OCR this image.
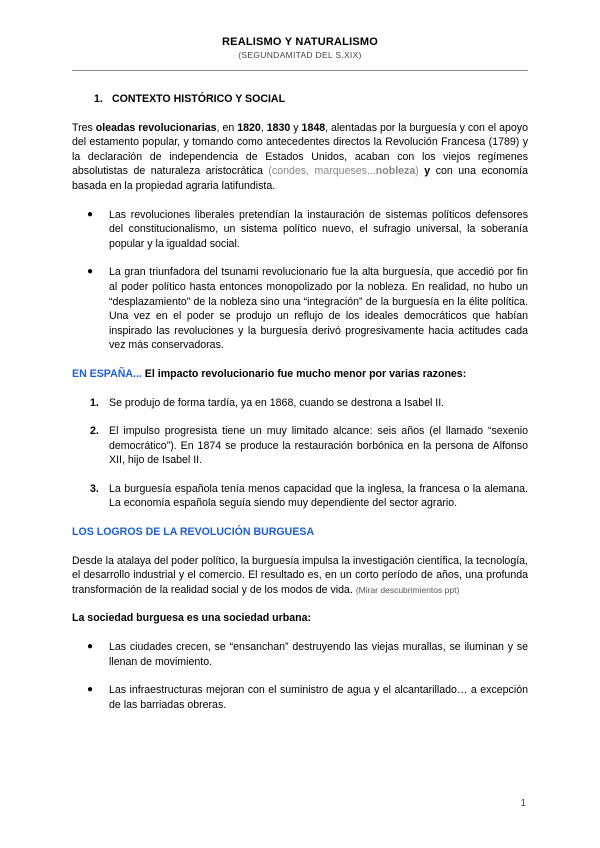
REALISMO Y NATURALISMO
(SEGUNDAMITAD DEL S.XIX)
1. CONTEXTO HISTÓRICO Y SOCIAL

Tres oleadas revolucionarias, en 1820, 1830 y 1848, alentadas por la burguesía y con el apoyo del estamento popular, y tomando como antecedentes directos la Revolución Francesa (1789) y la declaración de independencia de Estados Unidos, acaban con los viejos regímenes absolutistas de naturaleza aristocrática (condes, marqueses...nobleza) y con una economía basada en la propiedad agraria latifundista.

● Las revoluciones liberales pretendían la instauración de sistemas políticos defensores del constitucionalismo, un sistema político nuevo, el sufragio universal, la soberanía popular y la igualdad social.
● La gran triunfadora del tsunami revolucionario fue la alta burguesía, que accedió por fin al poder político hasta entonces monopolizado por la nobleza. En realidad, no hubo un “desplazamiento” de la nobleza sino una “integración” de la burguesía en la élite política. Una vez en el poder se produjo un reflujo de los ideales democráticos que habían inspirado las revoluciones y la burguesía derivó progresivamente hacia actitudes cada vez más conservadoras.

EN ESPAÑA... El impacto revolucionario fue mucho menor por varias razones:

1. Se produjo de forma tardía, ya en 1868, cuando se destrona a Isabel II.
2. El impulso progresista tiene un muy limitado alcance: seis años (el llamado “sexenio democrático”). En 1874 se produce la restauración borbónica en la persona de Alfonso XII, hijo de Isabel II.
3. La burguesía española tenía menos capacidad que la inglesa, la francesa o la alemana. La economía española seguía siendo muy dependiente del sector agrario.

LOS LOGROS DE LA REVOLUCIÓN BURGUESA

Desde la atalaya del poder político, la burguesía impulsa la investigación científica, la tecnología, el desarrollo industrial y el comercio. El resultado es, en un corto período de años, una profunda transformación de la realidad social y de los modos de vida. (Mirar descubrimientos ppt)

La sociedad burguesa es una sociedad urbana:

● Las ciudades crecen, se “ensanchan” destruyendo las viejas murallas, se iluminan y se llenan de movimiento.
● Las infraestructuras mejoran con el suministro de agua y el alcantarillado… a excepción de las barriadas obreras.
1
